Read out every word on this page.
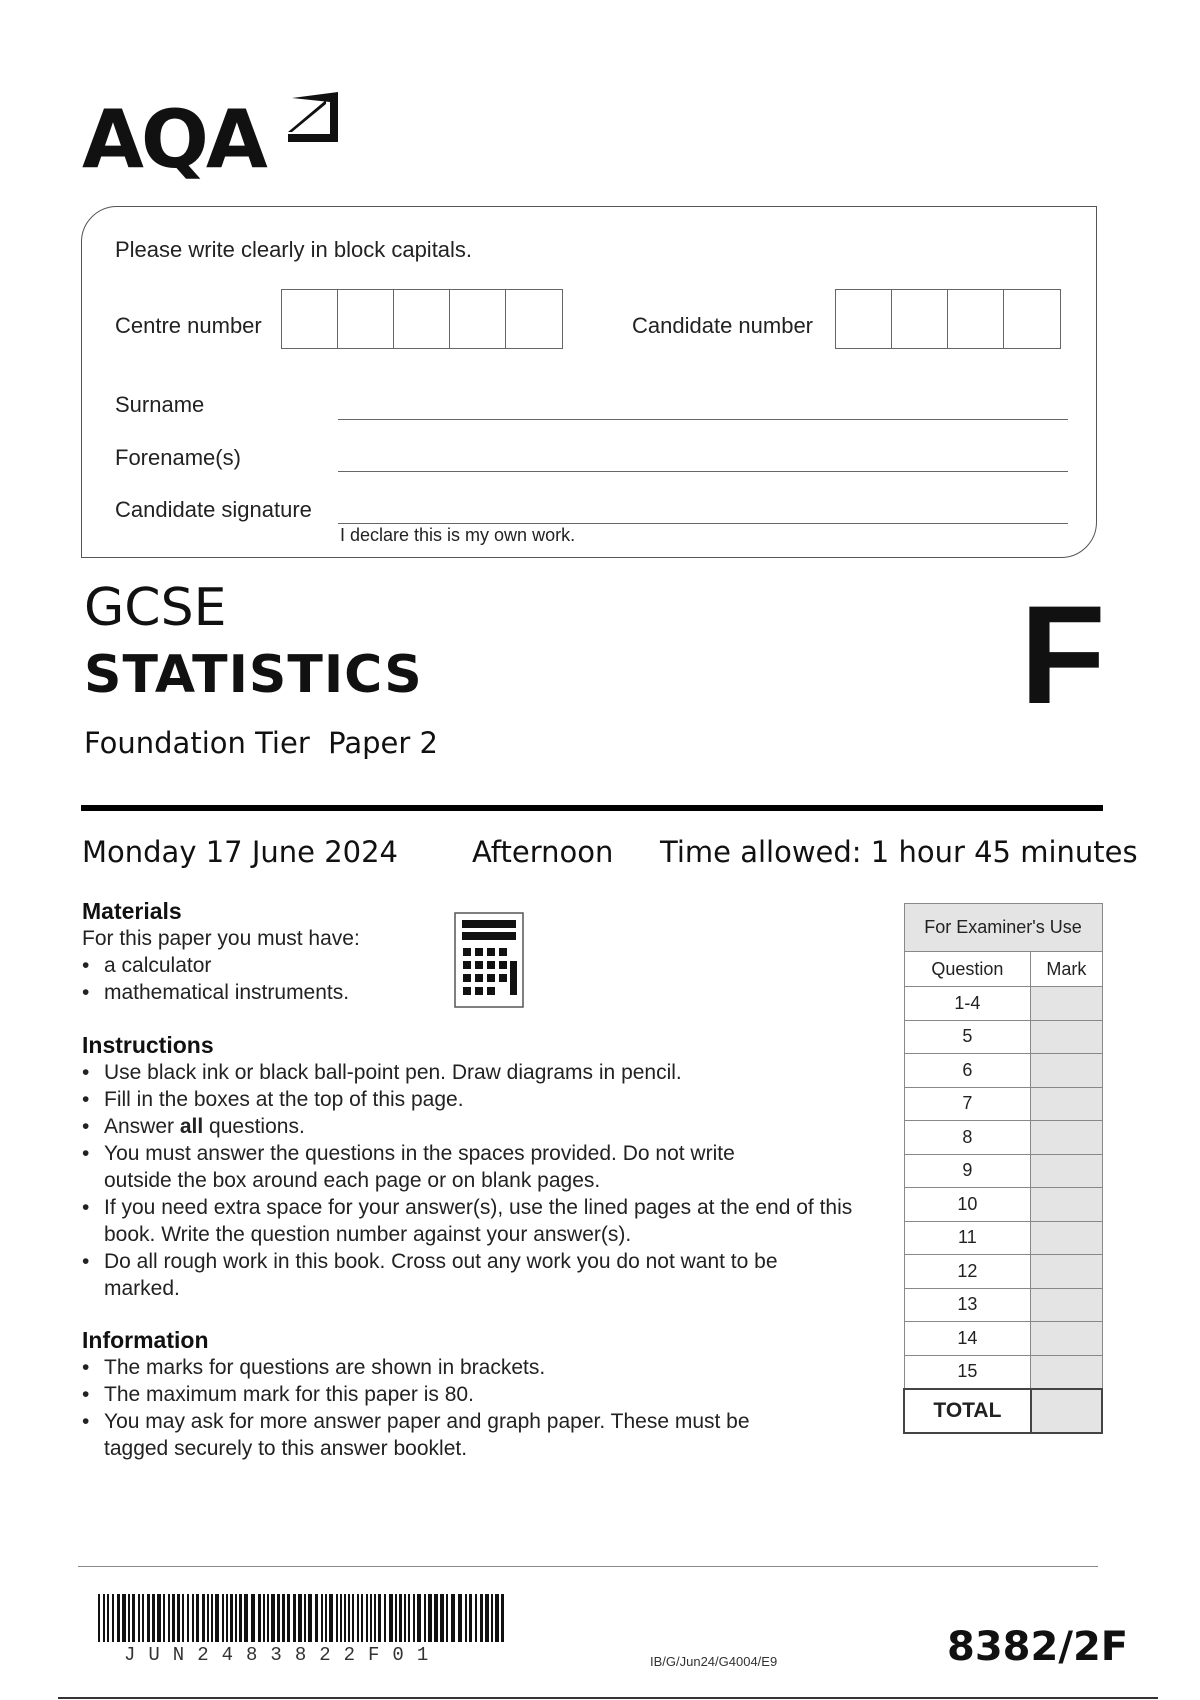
AQA
Please write clearly in block capitals.
Centre number	Candidate number
Surname
Forename(s)
Candidate signature
I declare this is my own work.
GCSE
STATISTICS
Foundation Tier  Paper 2
F
Monday 17 June 2024	Afternoon Time allowed: 1 hour 45 minutes
Materials
For this paper you must have:
• a calculator
• mathematical instruments.
Instructions
• Use black ink or black ball-point pen. Draw diagrams in pencil.
• Fill in the boxes at the top of this page.
• Answer all questions.
• You must answer the questions in the spaces provided. Do not write outside the box around each page or on blank pages.
• If you need extra space for your answer(s), use the lined pages at the end of this book. Write the question number against your answer(s).
• Do all rough work in this book. Cross out any work you do not want to be marked.
Information
• The marks for questions are shown in brackets.
• The maximum mark for this paper is 80.
• You may ask for more answer paper and graph paper. These must be tagged securely to this answer booklet.
For Examiner's Use	
Question	Mark
1-4	
5	
6	
7	
8	
9	
10	
11	
12	
13	
14	
15	
TOTAL	
JUN2483822F01	IB/G/Jun24/G4004/E9	8382/2F
